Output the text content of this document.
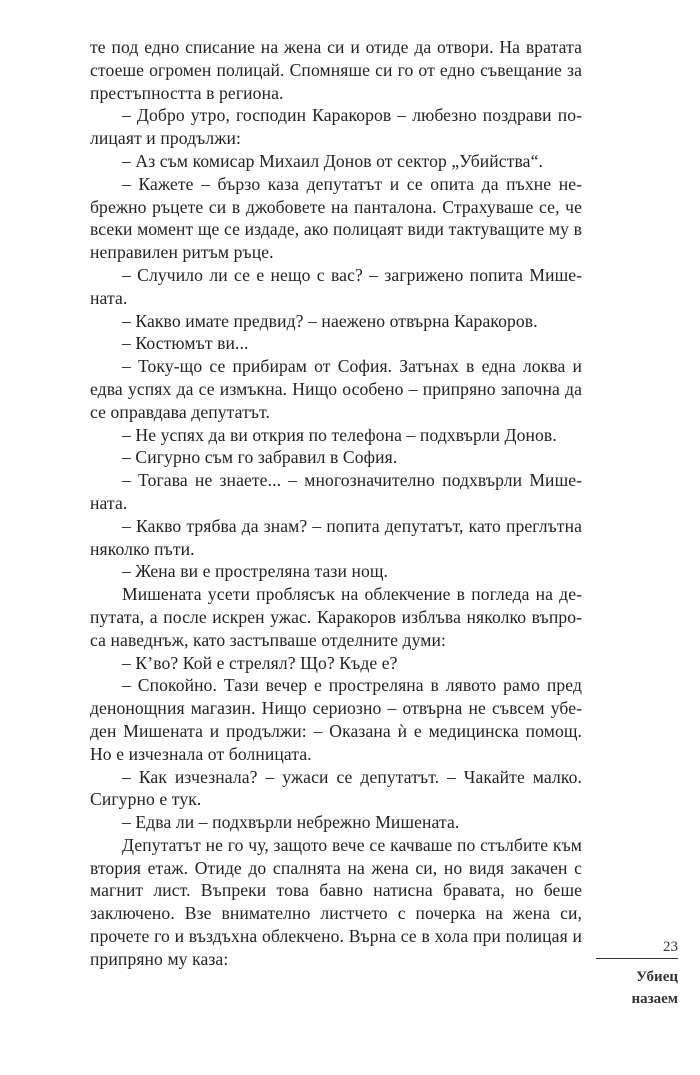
те под едно списание на жена си и отиде да отвори. На вратата стоеше огромен полицай. Спомняше си го от едно съвещание за престъпността в региона.

– Добро утро, господин Каракоров – любезно поздрави полицаят и продължи:

– Аз съм комисар Михаил Донов от сектор „Убийства“.

– Кажете – бързо каза депутатът и се опита да пъхне небрежно ръцете си в джобовете на панталона. Страхуваше се, че всеки момент ще се издаде, ако полицаят види тактуващите му в неправилен ритъм ръце.

– Случило ли се е нещо с вас? – загрижено попита Мишената.

– Какво имате предвид? – наежено отвърна Каракоров.

– Костюмът ви...

– Току-що се прибирам от София. Затънах в една локва и едва успях да се измъкна. Нищо особено – припряно започна да се оправдава депутатът.

– Не успях да ви открия по телефона – подхвърли Донов.

– Сигурно съм го забравил в София.

– Тогава не знаете... – многозначително подхвърли Мишената.

– Какво трябва да знам? – попита депутатът, като преглътна няколко пъти.

– Жена ви е простреляна тази нощ.

Мишената усети проблясък на облекчение в погледа на депутата, а после искрен ужас. Каракоров изблъва няколко въпроса наведнъж, като застъпваше отделните думи:

– К’во? Кой е стрелял? Що? Къде е?

– Спокойно. Тази вечер е простреляна в лявото рамо пред денонощния магазин. Нищо сериозно – отвърна не съвсем убеден Мишената и продължи: – Оказана ѝ е медицинска помощ. Но е изчезнала от болницата.

– Как изчезнала? – ужаси се депутатът. – Чакайте малко. Сигурно е тук.

– Едва ли – подхвърли небрежно Мишената.

Депутатът не го чу, защото вече се качваше по стълбите към втория етаж. Отиде до спалнята на жена си, но видя закачен с магнит лист. Въпреки това бавно натисна бравата, но беше заключено. Взе внимателно листчето с почерка на жена си, прочете го и въздъхна облекчено. Върна се в хола при полицая и припряно му каза:

23
Убиец
назаем
